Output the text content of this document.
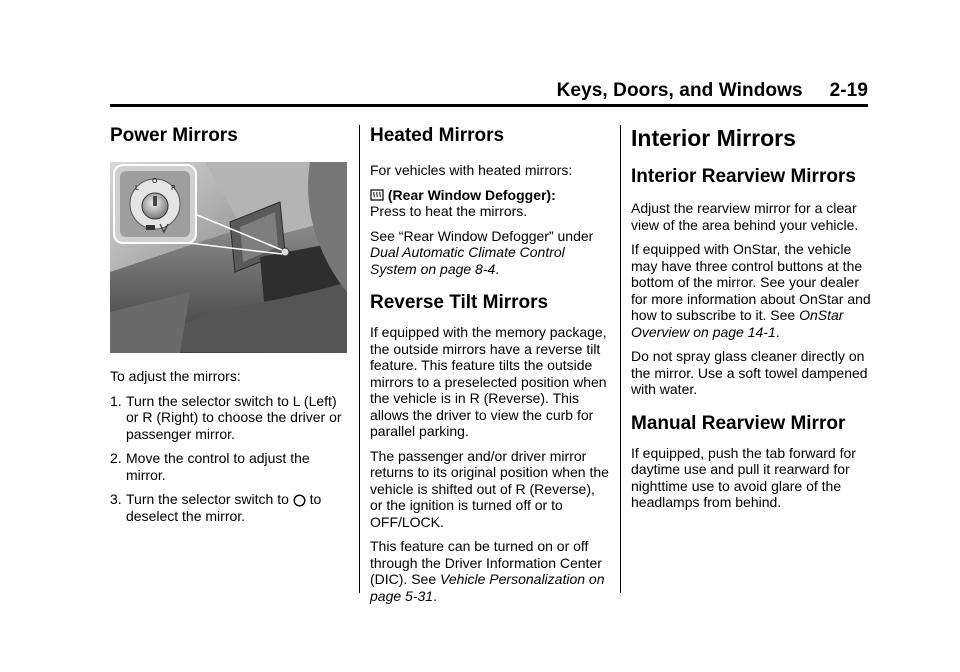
Keys, Doors, and Windows     2-19
Power Mirrors
L
O
R

To adjust the mirrors:

1. Turn the selector switch to L (Left) or R (Right) to choose the driver or passenger mirror.
2. Move the control to adjust the mirror.
3. Turn the selector switch to  to deselect the mirror.
Heated Mirrors

For vehicles with heated mirrors:

(Rear Window Defogger):
Press to heat the mirrors.

See “Rear Window Defogger” under Dual Automatic Climate Control System on page 8-4.

Reverse Tilt Mirrors

If equipped with the memory package, the outside mirrors have a reverse tilt feature. This feature tilts the outside mirrors to a preselected position when the vehicle is in R (Reverse). This allows the driver to view the curb for parallel parking.

The passenger and/or driver mirror returns to its original position when the vehicle is shifted out of R (Reverse), or the ignition is turned off or to OFF/LOCK.

This feature can be turned on or off through the Driver Information Center (DIC). See Vehicle Personalization on page 5-31.

Interior Mirrors
Interior Rearview Mirrors

Adjust the rearview mirror for a clear view of the area behind your vehicle.

If equipped with OnStar, the vehicle may have three control buttons at the bottom of the mirror. See your dealer for more information about OnStar and how to subscribe to it. See OnStar Overview on page 14-1.

Do not spray glass cleaner directly on the mirror. Use a soft towel dampened with water.

Manual Rearview Mirror

If equipped, push the tab forward for daytime use and pull it rearward for nighttime use to avoid glare of the headlamps from behind.
